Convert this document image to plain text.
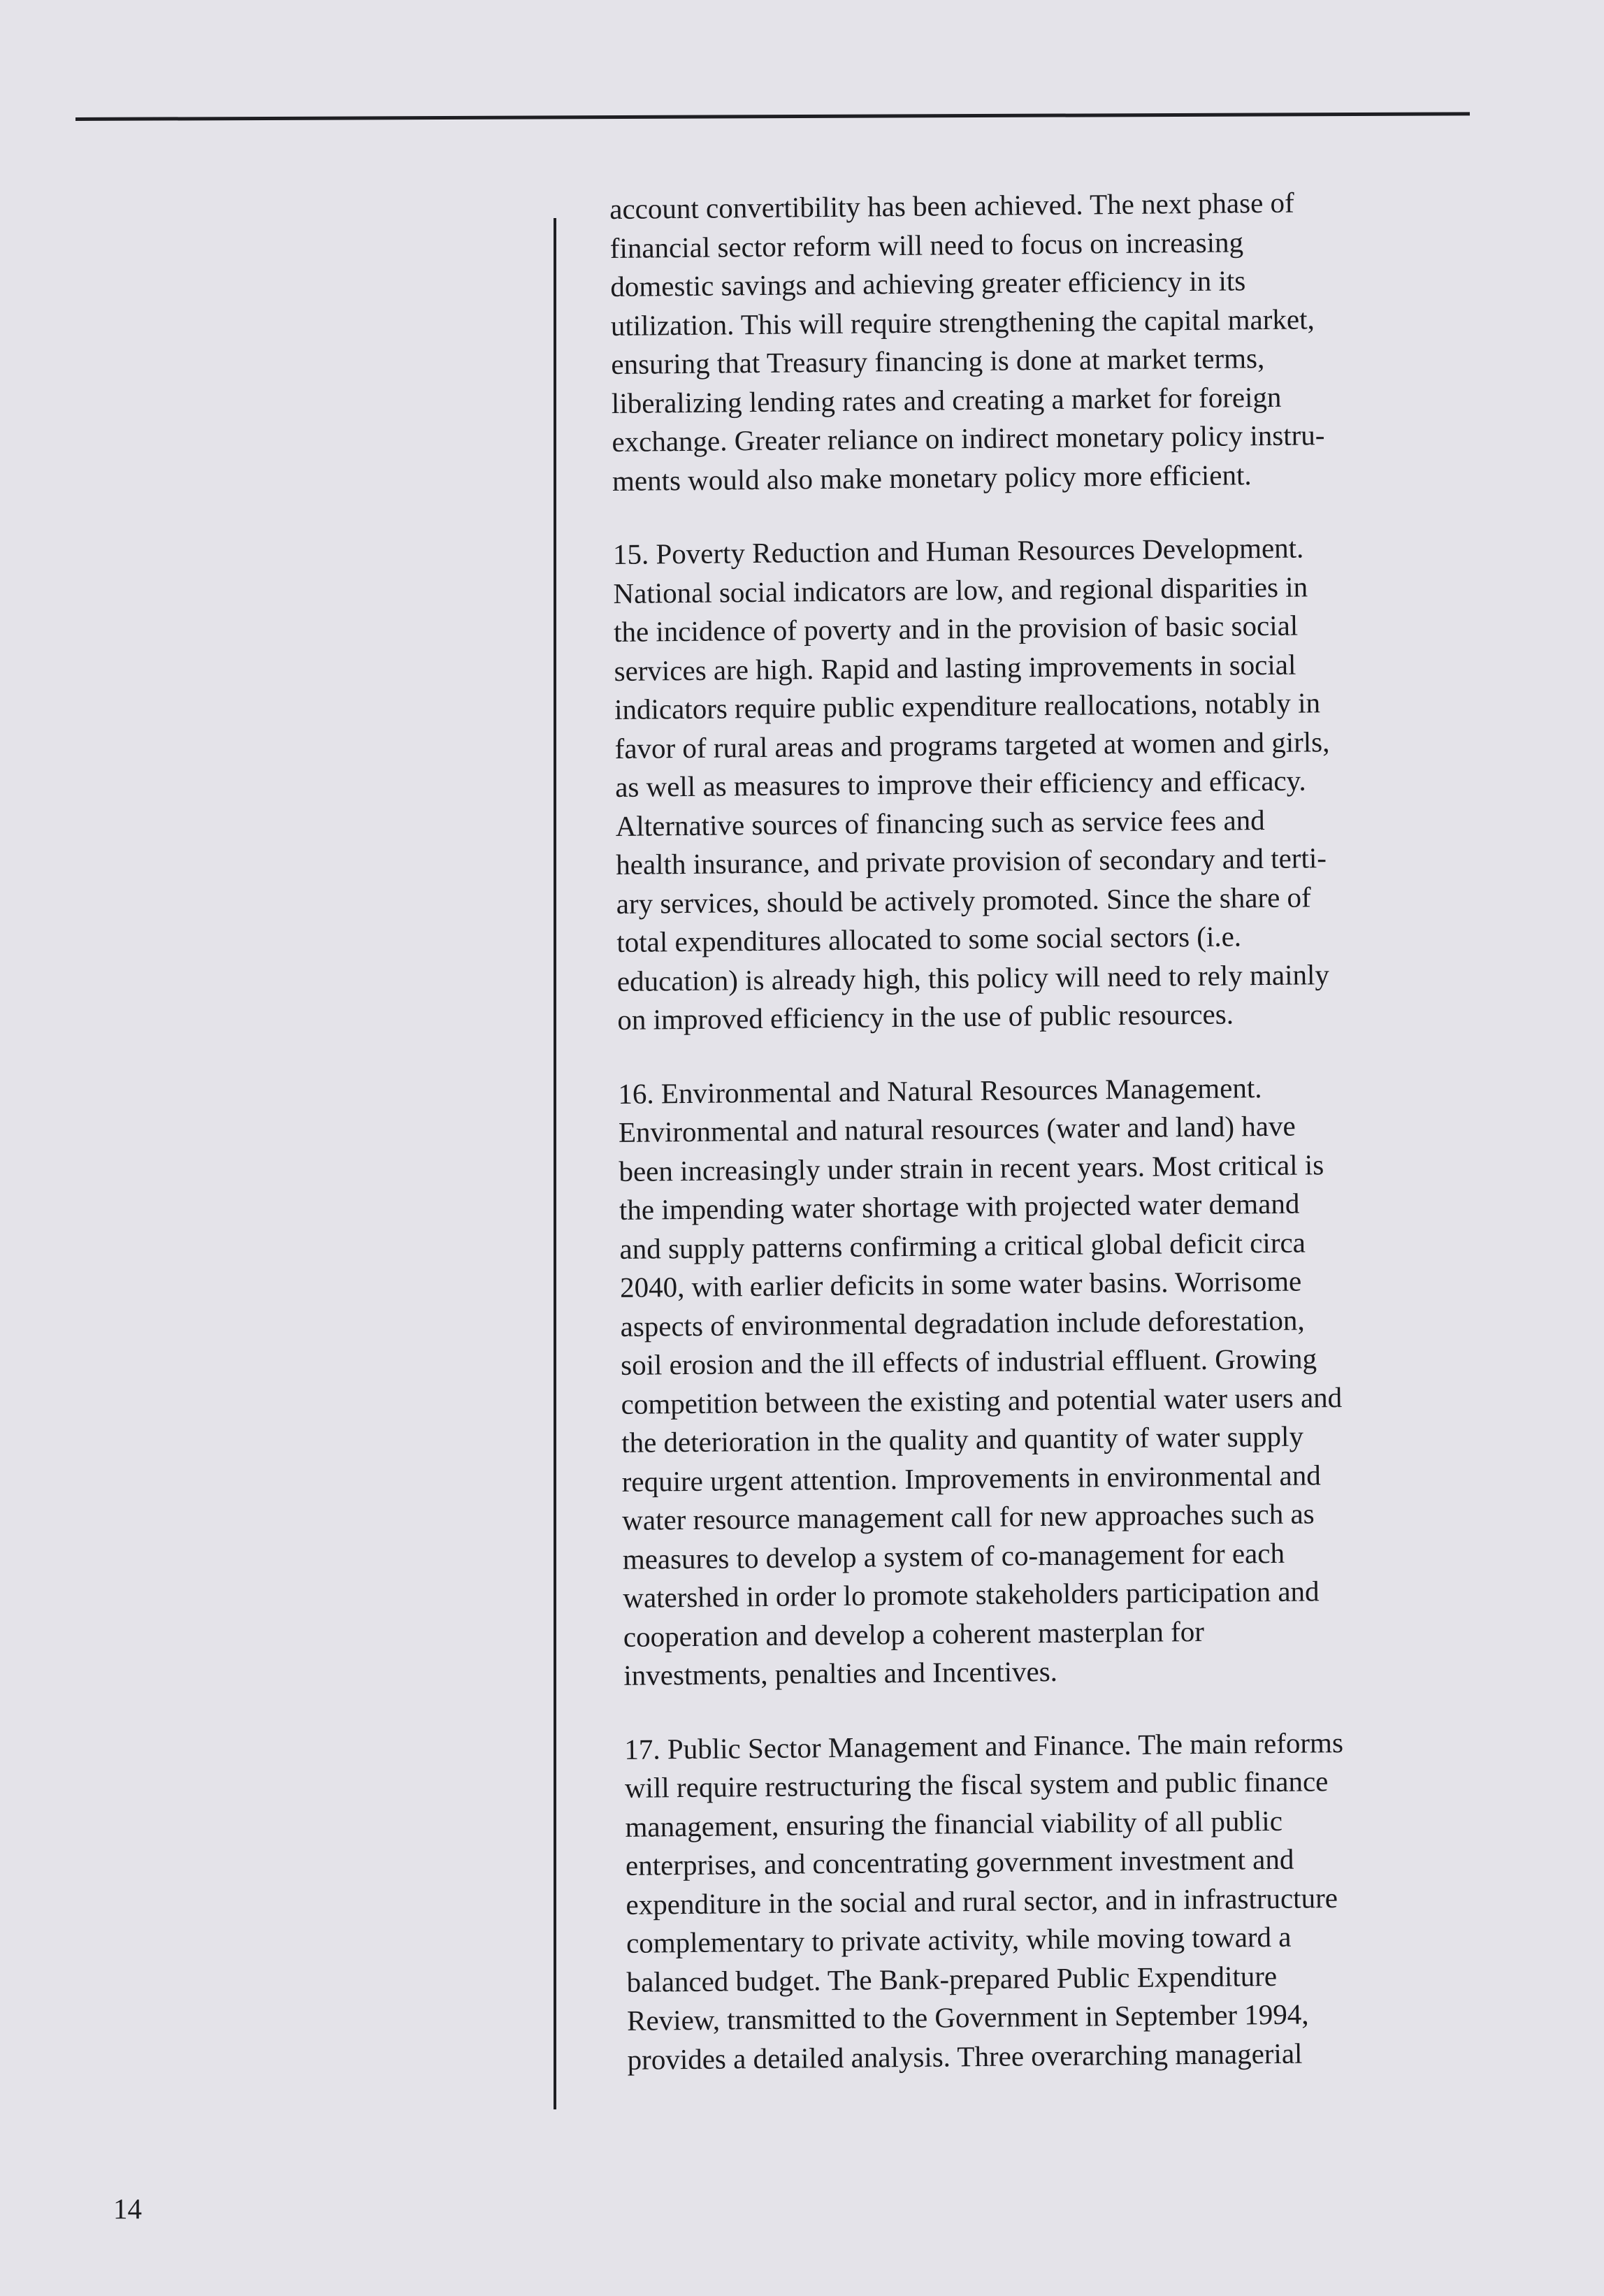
account convertibility has been achieved. The next phase of
financial sector reform will need to focus on increasing
domestic savings and achieving greater efficiency in its
utilization. This will require strengthening the capital market,
ensuring that Treasury financing is done at market terms,
liberalizing lending rates and creating a market for foreign
exchange. Greater reliance on indirect monetary policy instru-
ments would also make monetary policy more efficient.

15. Poverty Reduction and Human Resources Development.
National social indicators are low, and regional disparities in
the incidence of poverty and in the provision of basic social
services are high. Rapid and lasting improvements in social
indicators require public expenditure reallocations, notably in
favor of rural areas and programs targeted at women and girls,
as well as measures to improve their efficiency and efficacy.
Alternative sources of financing such as service fees and
health insurance, and private provision of secondary and terti-
ary services, should be actively promoted. Since the share of
total expenditures allocated to some social sectors (i.e.
education) is already high, this policy will need to rely mainly
on improved efficiency in the use of public resources.

16. Environmental and Natural Resources Management.
Environmental and natural resources (water and land) have
been increasingly under strain in recent years. Most critical is
the impending water shortage with projected water demand
and supply patterns confirming a critical global deficit circa
2040, with earlier deficits in some water basins. Worrisome
aspects of environmental degradation include deforestation,
soil erosion and the ill effects of industrial effluent. Growing
competition between the existing and potential water users and
the deterioration in the quality and quantity of water supply
require urgent attention. Improvements in environmental and
water resource management call for new approaches such as
measures to develop a system of co-management for each
watershed in order lo promote stakeholders participation and
cooperation and develop a coherent masterplan for
investments, penalties and Incentives.

17. Public Sector Management and Finance. The main reforms
will require restructuring the fiscal system and public finance
management, ensuring the financial viability of all public
enterprises, and concentrating government investment and
expenditure in the social and rural sector, and in infrastructure
complementary to private activity, while moving toward a
balanced budget. The Bank-prepared Public Expenditure
Review, transmitted to the Government in September 1994,
provides a detailed analysis. Three overarching managerial

14
